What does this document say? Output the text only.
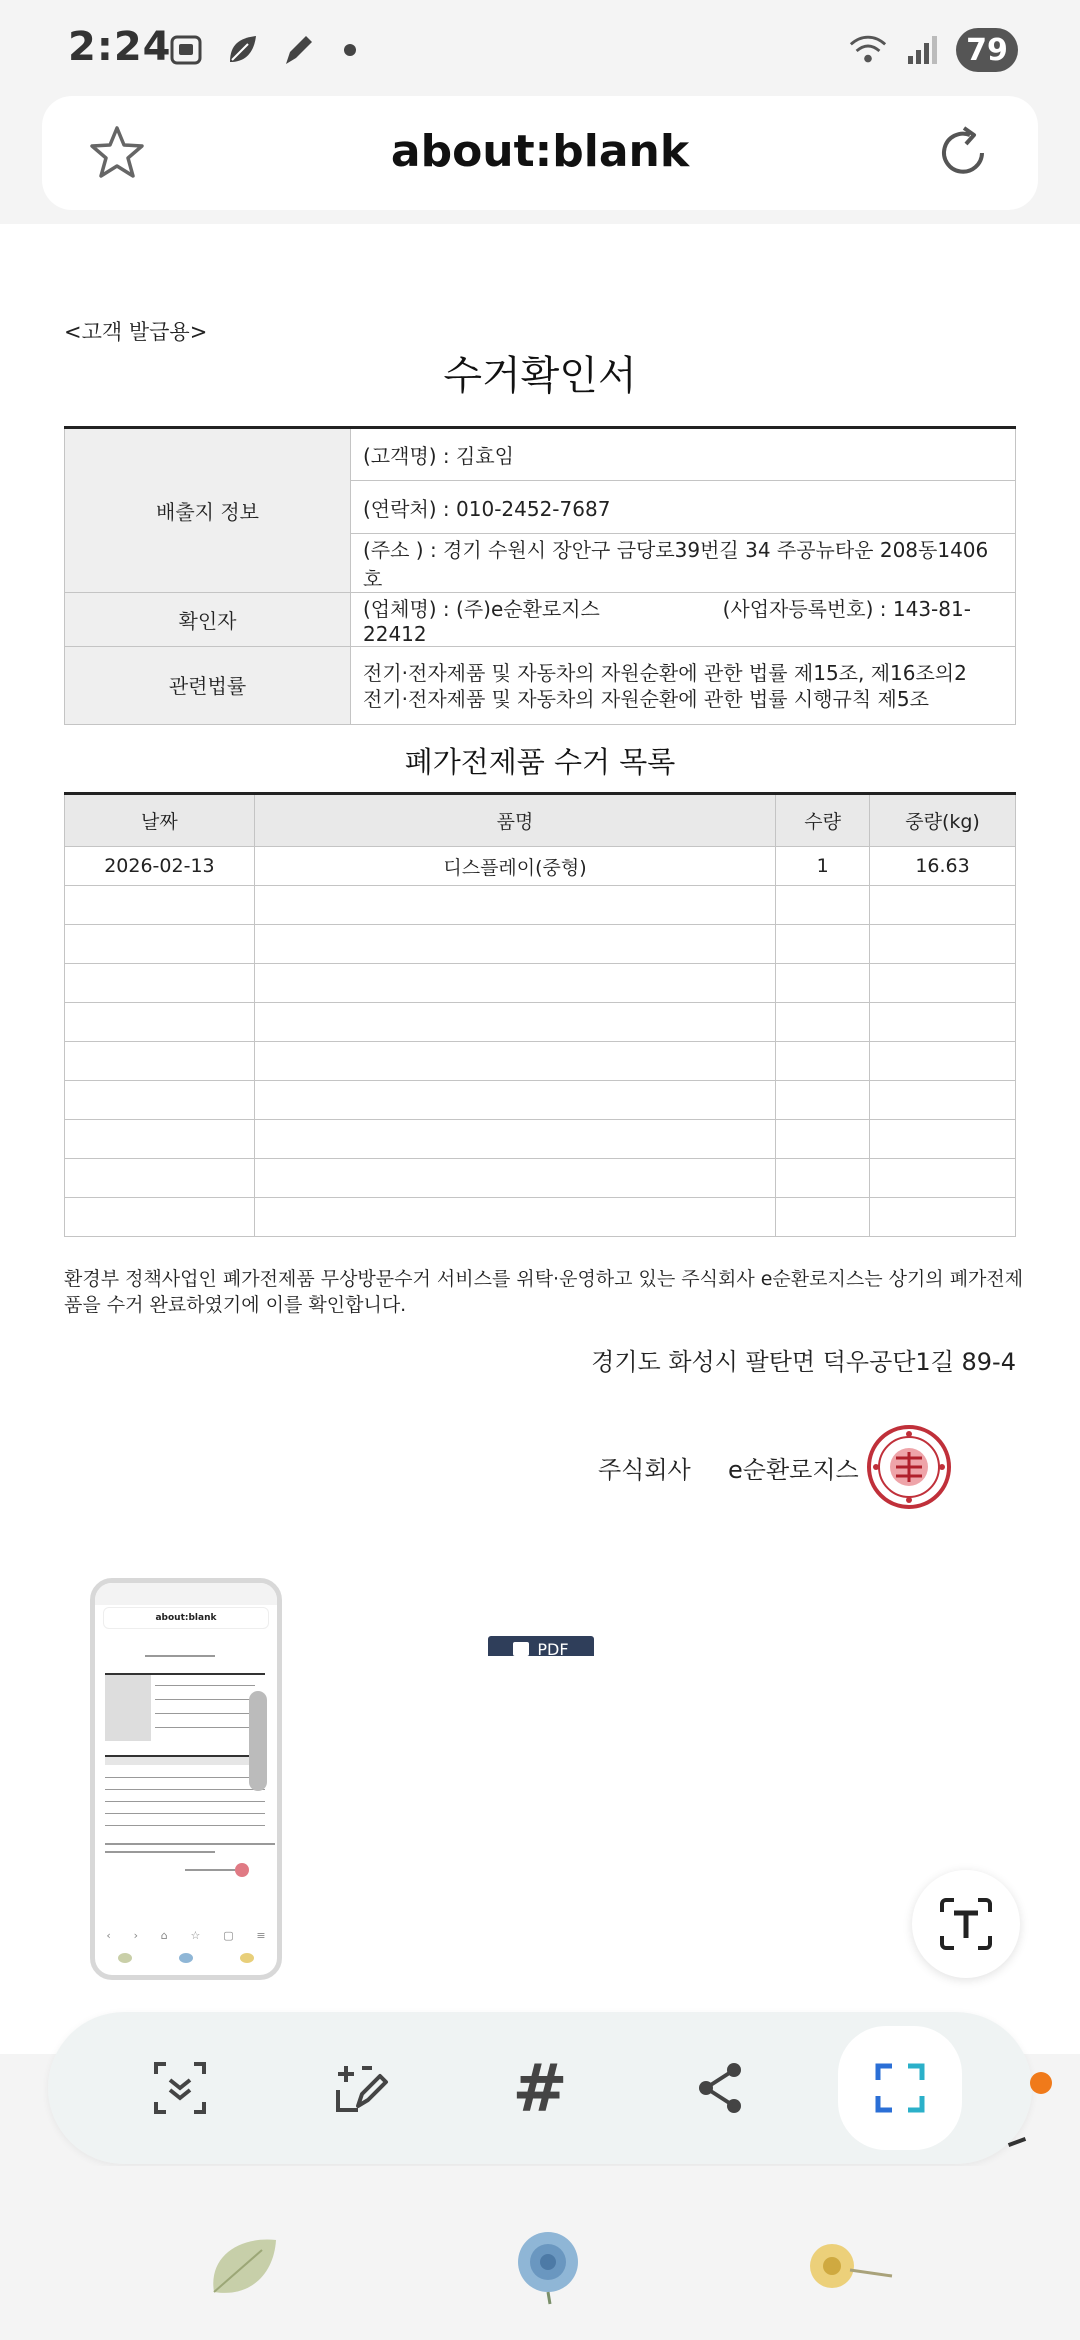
2:24	79
about:blank
<고객 발급용>
수거확인서
배출지 정보	(고객명) : 김효임
	(연락처) : 010-2452-7687
	(주소 ) : 경기 수원시 장안구 금당로39번길 34 주공뉴타운 208동1406호
확인자	(업체명) : (주)e순환로지스 (사업자등록번호) : 143-81-22412
관련법률	전기·전자제품 및 자동차의 자원순환에 관한 법률 제15조, 제16조의2
전기·전자제품 및 자동차의 자원순환에 관한 법률 시행규칙 제5조
폐가전제품 수거 목록
날짜	품명	수량	중량(kg)
2026-02-13	디스플레이(중형)	1	16.63

환경부 정책사업인 폐가전제품 무상방문수거 서비스를 위탁·운영하고 있는 주식회사 e순환로지스는 상기의 폐가전제품을 수거 완료하였기에 이를 확인합니다.
경기도 화성시 팔탄면 덕우공단1길 89-4
주식회사 e순환로지스
about:blank
‹ › ⌂ ☆ ▢ ≡
PDF
#
